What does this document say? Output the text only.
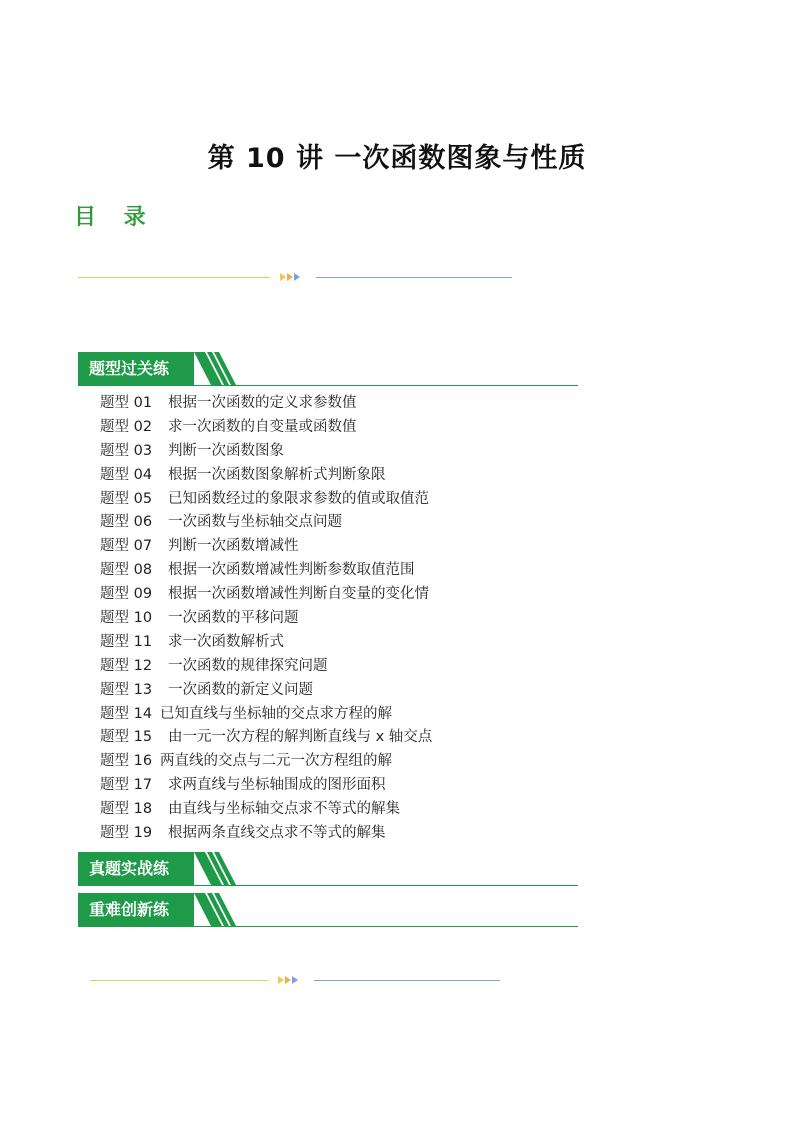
第 10 讲 一次函数图象与性质
目 录
题型过关练
题型 01 根据一次函数的定义求参数值
题型 02 求一次函数的自变量或函数值
题型 03 判断一次函数图象
题型 04 根据一次函数图象解析式判断象限
题型 05 已知函数经过的象限求参数的值或取值范
题型 06 一次函数与坐标轴交点问题
题型 07 判断一次函数增减性
题型 08 根据一次函数增减性判断参数取值范围
题型 09 根据一次函数增减性判断自变量的变化情
题型 10 一次函数的平移问题
题型 11 求一次函数解析式
题型 12 一次函数的规律探究问题
题型 13 一次函数的新定义问题
题型 14 已知直线与坐标轴的交点求方程的解
题型 15 由一元一次方程的解判断直线与 x 轴交点
题型 16 两直线的交点与二元一次方程组的解
题型 17 求两直线与坐标轴围成的图形面积
题型 18 由直线与坐标轴交点求不等式的解集
题型 19 根据两条直线交点求不等式的解集
真题实战练
重难创新练
